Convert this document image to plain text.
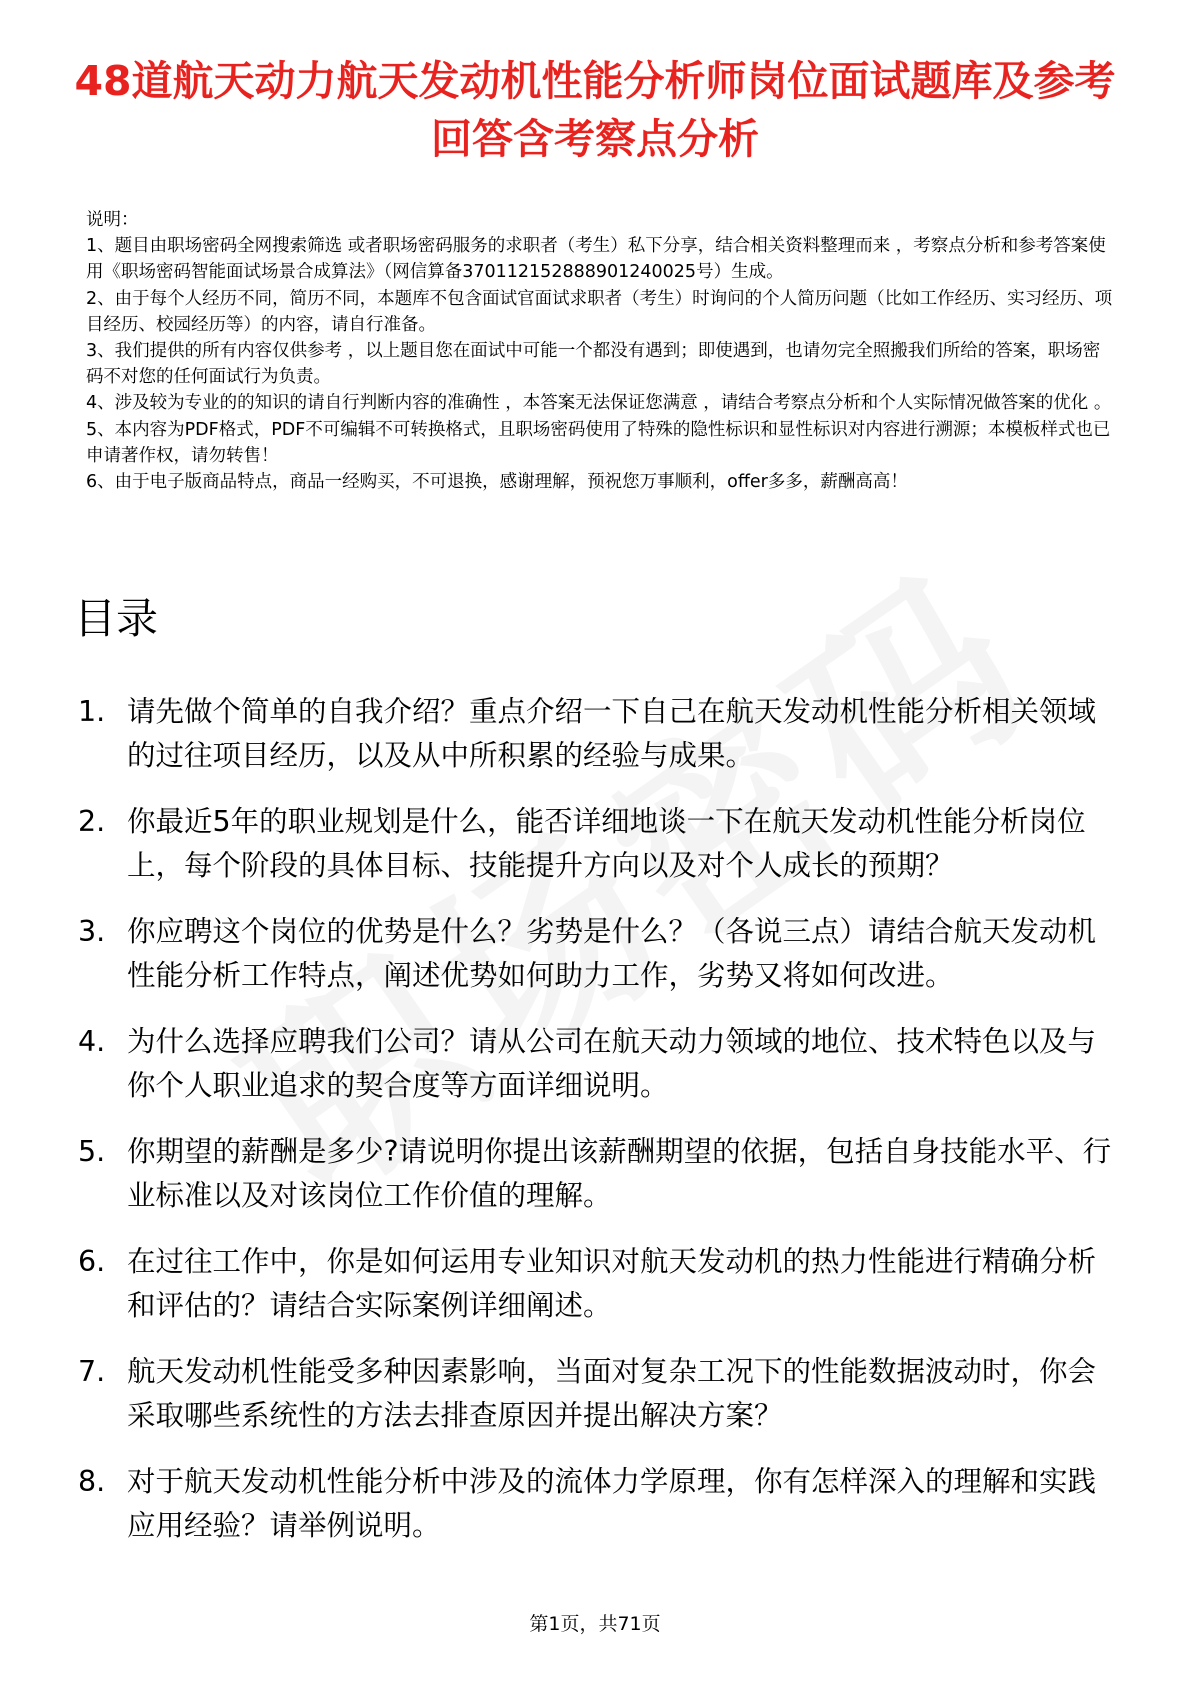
48道航天动力航天发动机性能分析师岗位面试题库及参考回答含考察点分析

说明：

1、题目由职场密码全网搜索筛选 或者职场密码服务的求职者（考生）私下分享，结合相关资料整理而来 ，考察点分析和参考答案使用《职场密码智能面试场景合成算法》（网信算备370112152888901240025号）生成。

2、由于每个人经历不同，简历不同，本题库不包含面试官面试求职者（考生）时询问的个人简历问题（比如工作经历、实习经历、项目经历、校园经历等）的内容，请自行准备。

3、我们提供的所有内容仅供参考 ，以上题目您在面试中可能一个都没有遇到；即使遇到，也请勿完全照搬我们所给的答案，职场密码不对您的任何面试行为负责。

4、涉及较为专业的的知识的请自行判断内容的准确性 ，本答案无法保证您满意 ，请结合考察点分析和个人实际情况做答案的优化 。

5、本内容为PDF格式，PDF不可编辑不可转换格式，且职场密码使用了特殊的隐性标识和显性标识对内容进行溯源；本模板样式也已申请著作权，请勿转售！

6、由于电子版商品特点，商品一经购买，不可退换，感谢理解，预祝您万事顺利，offer多多，薪酬高高！

目录
1. 请先做个简单的自我介绍？重点介绍一下自己在航天发动机性能分析相关领域的过往项目经历，以及从中所积累的经验与成果。
2. 你最近5年的职业规划是什么，能否详细地谈一下在航天发动机性能分析岗位上，每个阶段的具体目标、技能提升方向以及对个人成长的预期？
3. 你应聘这个岗位的优势是什么？劣势是什么？（各说三点）请结合航天发动机性能分析工作特点，阐述优势如何助力工作，劣势又将如何改进。
4. 为什么选择应聘我们公司？请从公司在航天动力领域的地位、技术特色以及与你个人职业追求的契合度等方面详细说明。
5. 你期望的薪酬是多少?请说明你提出该薪酬期望的依据，包括自身技能水平、行业标准以及对该岗位工作价值的理解。
6. 在过往工作中，你是如何运用专业知识对航天发动机的热力性能进行精确分析和评估的？请结合实际案例详细阐述。
7. 航天发动机性能受多种因素影响，当面对复杂工况下的性能数据波动时，你会采取哪些系统性的方法去排查原因并提出解决方案？
8. 对于航天发动机性能分析中涉及的流体力学原理，你有怎样深入的理解和实践应用经验？请举例说明。
第1页，共71页
